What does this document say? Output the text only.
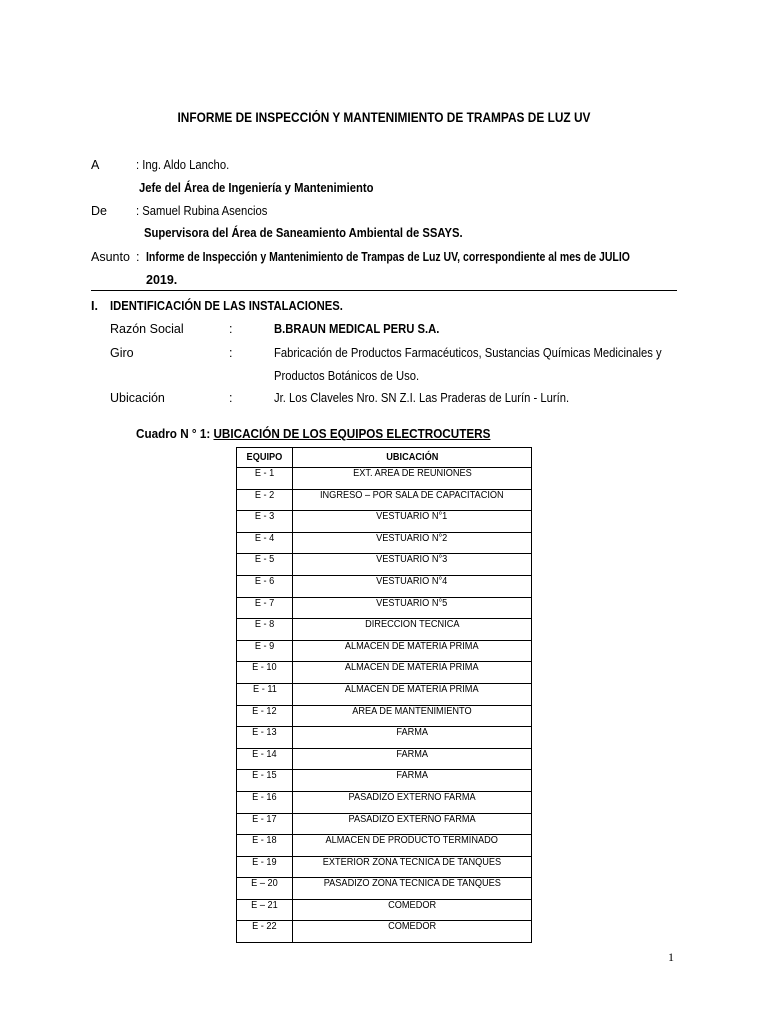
INFORME DE INSPECCIÓN Y MANTENIMIENTO DE TRAMPAS DE LUZ UV
A	: Ing. Aldo Lancho.
Jefe del Área de Ingeniería y Mantenimiento
De : Samuel Rubina Asencios
Supervisora del Área de Saneamiento Ambiental de SSAYS.
Asunto : Informe de Inspección y Mantenimiento de Trampas de Luz UV, correspondiente al mes de JULIO
2019.
I. IDENTIFICACIÓN DE LAS INSTALACIONES.
Razón Social	:	B.BRAUN MEDICAL PERU S.A.
Giro	:	Fabricación de Productos Farmacéuticos, Sustancias Químicas Medicinales y
Productos Botánicos de Uso.
Ubicación	:	Jr. Los Claveles Nro. SN Z.I. Las Praderas de Lurín - Lurín.
Cuadro N ° 1: UBICACIÓN DE LOS EQUIPOS ELECTROCUTERS
EQUIPO	UBICACIÓN
E - 1	EXT. AREA DE REUNIONES
E - 2	INGRESO – POR SALA DE CAPACITACIÓN
E - 3	VESTUARIO N°1
E - 4	VESTUARIO N°2
E - 5	VESTUARIO N°3
E - 6	VESTUARIO N°4
E - 7	VESTUARIO N°5
E - 8	DIRECCION TECNICA
E - 9	ALMACEN DE MATERIA PRIMA
E - 10	ALMACEN DE MATERIA PRIMA
E - 11	ALMACEN DE MATERIA PRIMA
E - 12	AREA DE MANTENIMIENTO
E - 13	FARMA
E - 14	FARMA
E - 15	FARMA
E - 16	PASADIZO EXTERNO FARMA
E - 17	PASADIZO EXTERNO FARMA
E - 18	ALMACEN DE PRODUCTO TERMINADO
E - 19	EXTERIOR ZONA TECNICA DE TANQUES
E – 20	PASADIZO ZONA TECNICA DE TANQUES
E – 21	COMEDOR
E - 22	COMEDOR
1
